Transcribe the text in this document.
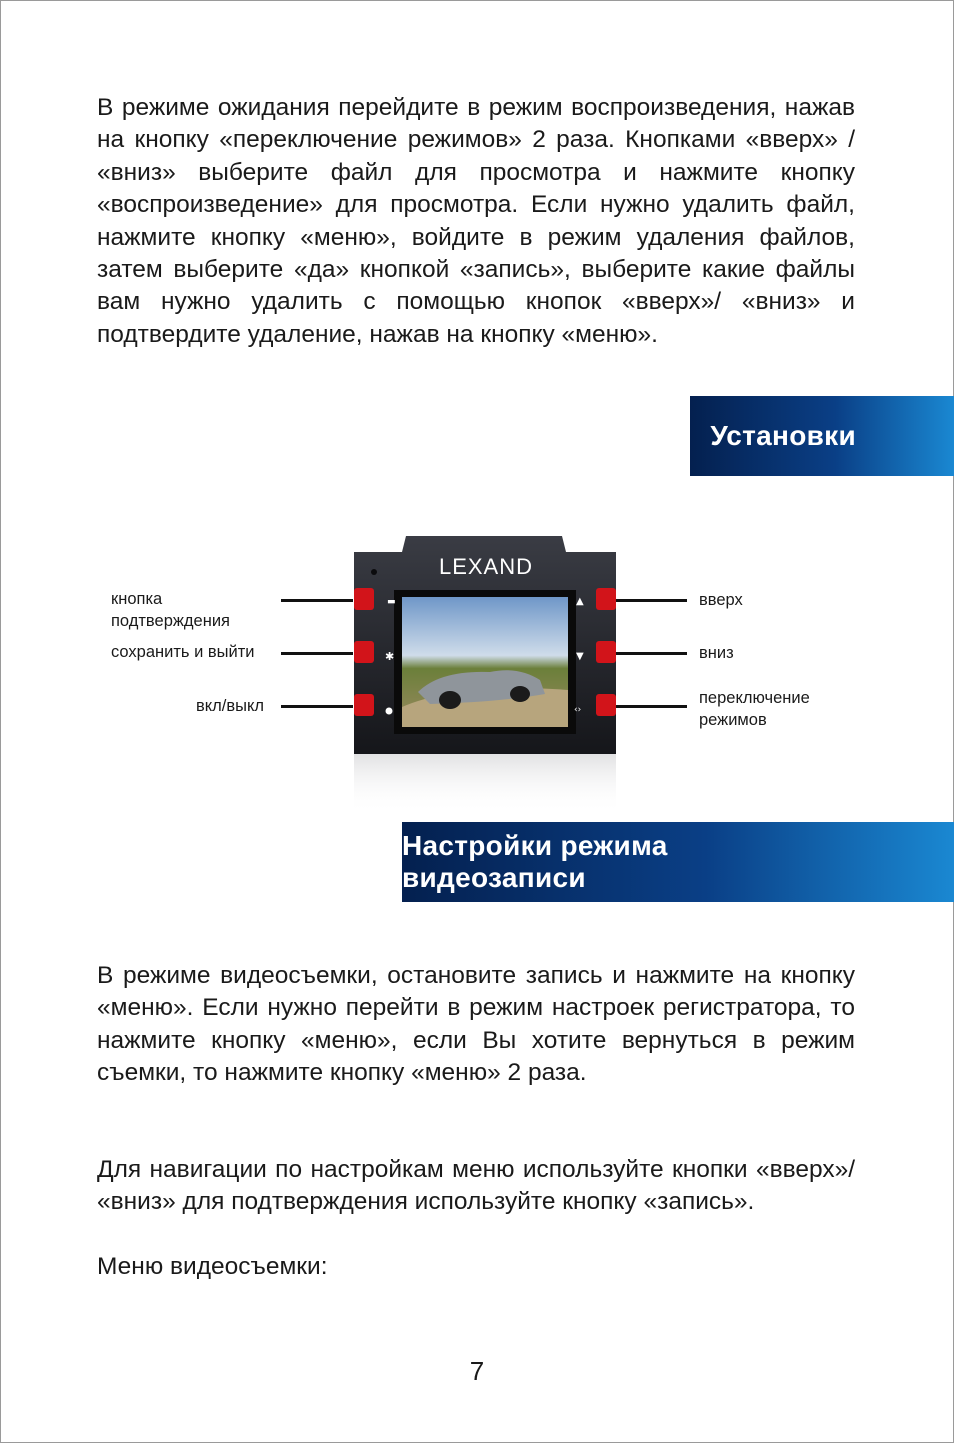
В режиме ожидания перейдите в режим воспроизведения, нажав на кнопку «переключение режимов» 2 раза. Кнопками «вверх» / «вниз» выберите файл для просмотра и нажмите кнопку «воспроизведение» для просмотра. Если нужно удалить файл, нажмите кнопку «меню», войдите в режим удаления файлов, затем выберите «да» кнопкой «запись», выберите какие файлы вам нужно удалить с помощью кнопок «вверх»/ «вниз» и подтвердите удаление, нажав на кнопку «меню».

Установки
кнопка
подтверждения
сохранить и выйти
вкл/выкл
вверх
вниз
переключение
режимов
LEXAND
▬
✱
▲
▼
‹›
Настройки режима видеозаписи

В режиме видеосъемки, остановите запись и нажмите на кнопку «меню». Если нужно перейти в режим настроек регистратора, то нажмите кнопку «меню», если Вы хотите вернуться в режим съемки, то нажмите кнопку «меню» 2 раза.

Для навигации по настройкам меню используйте кнопки «вверх»/ «вниз» для подтверждения используйте кнопку «запись».

Меню видеосъемки:

7
